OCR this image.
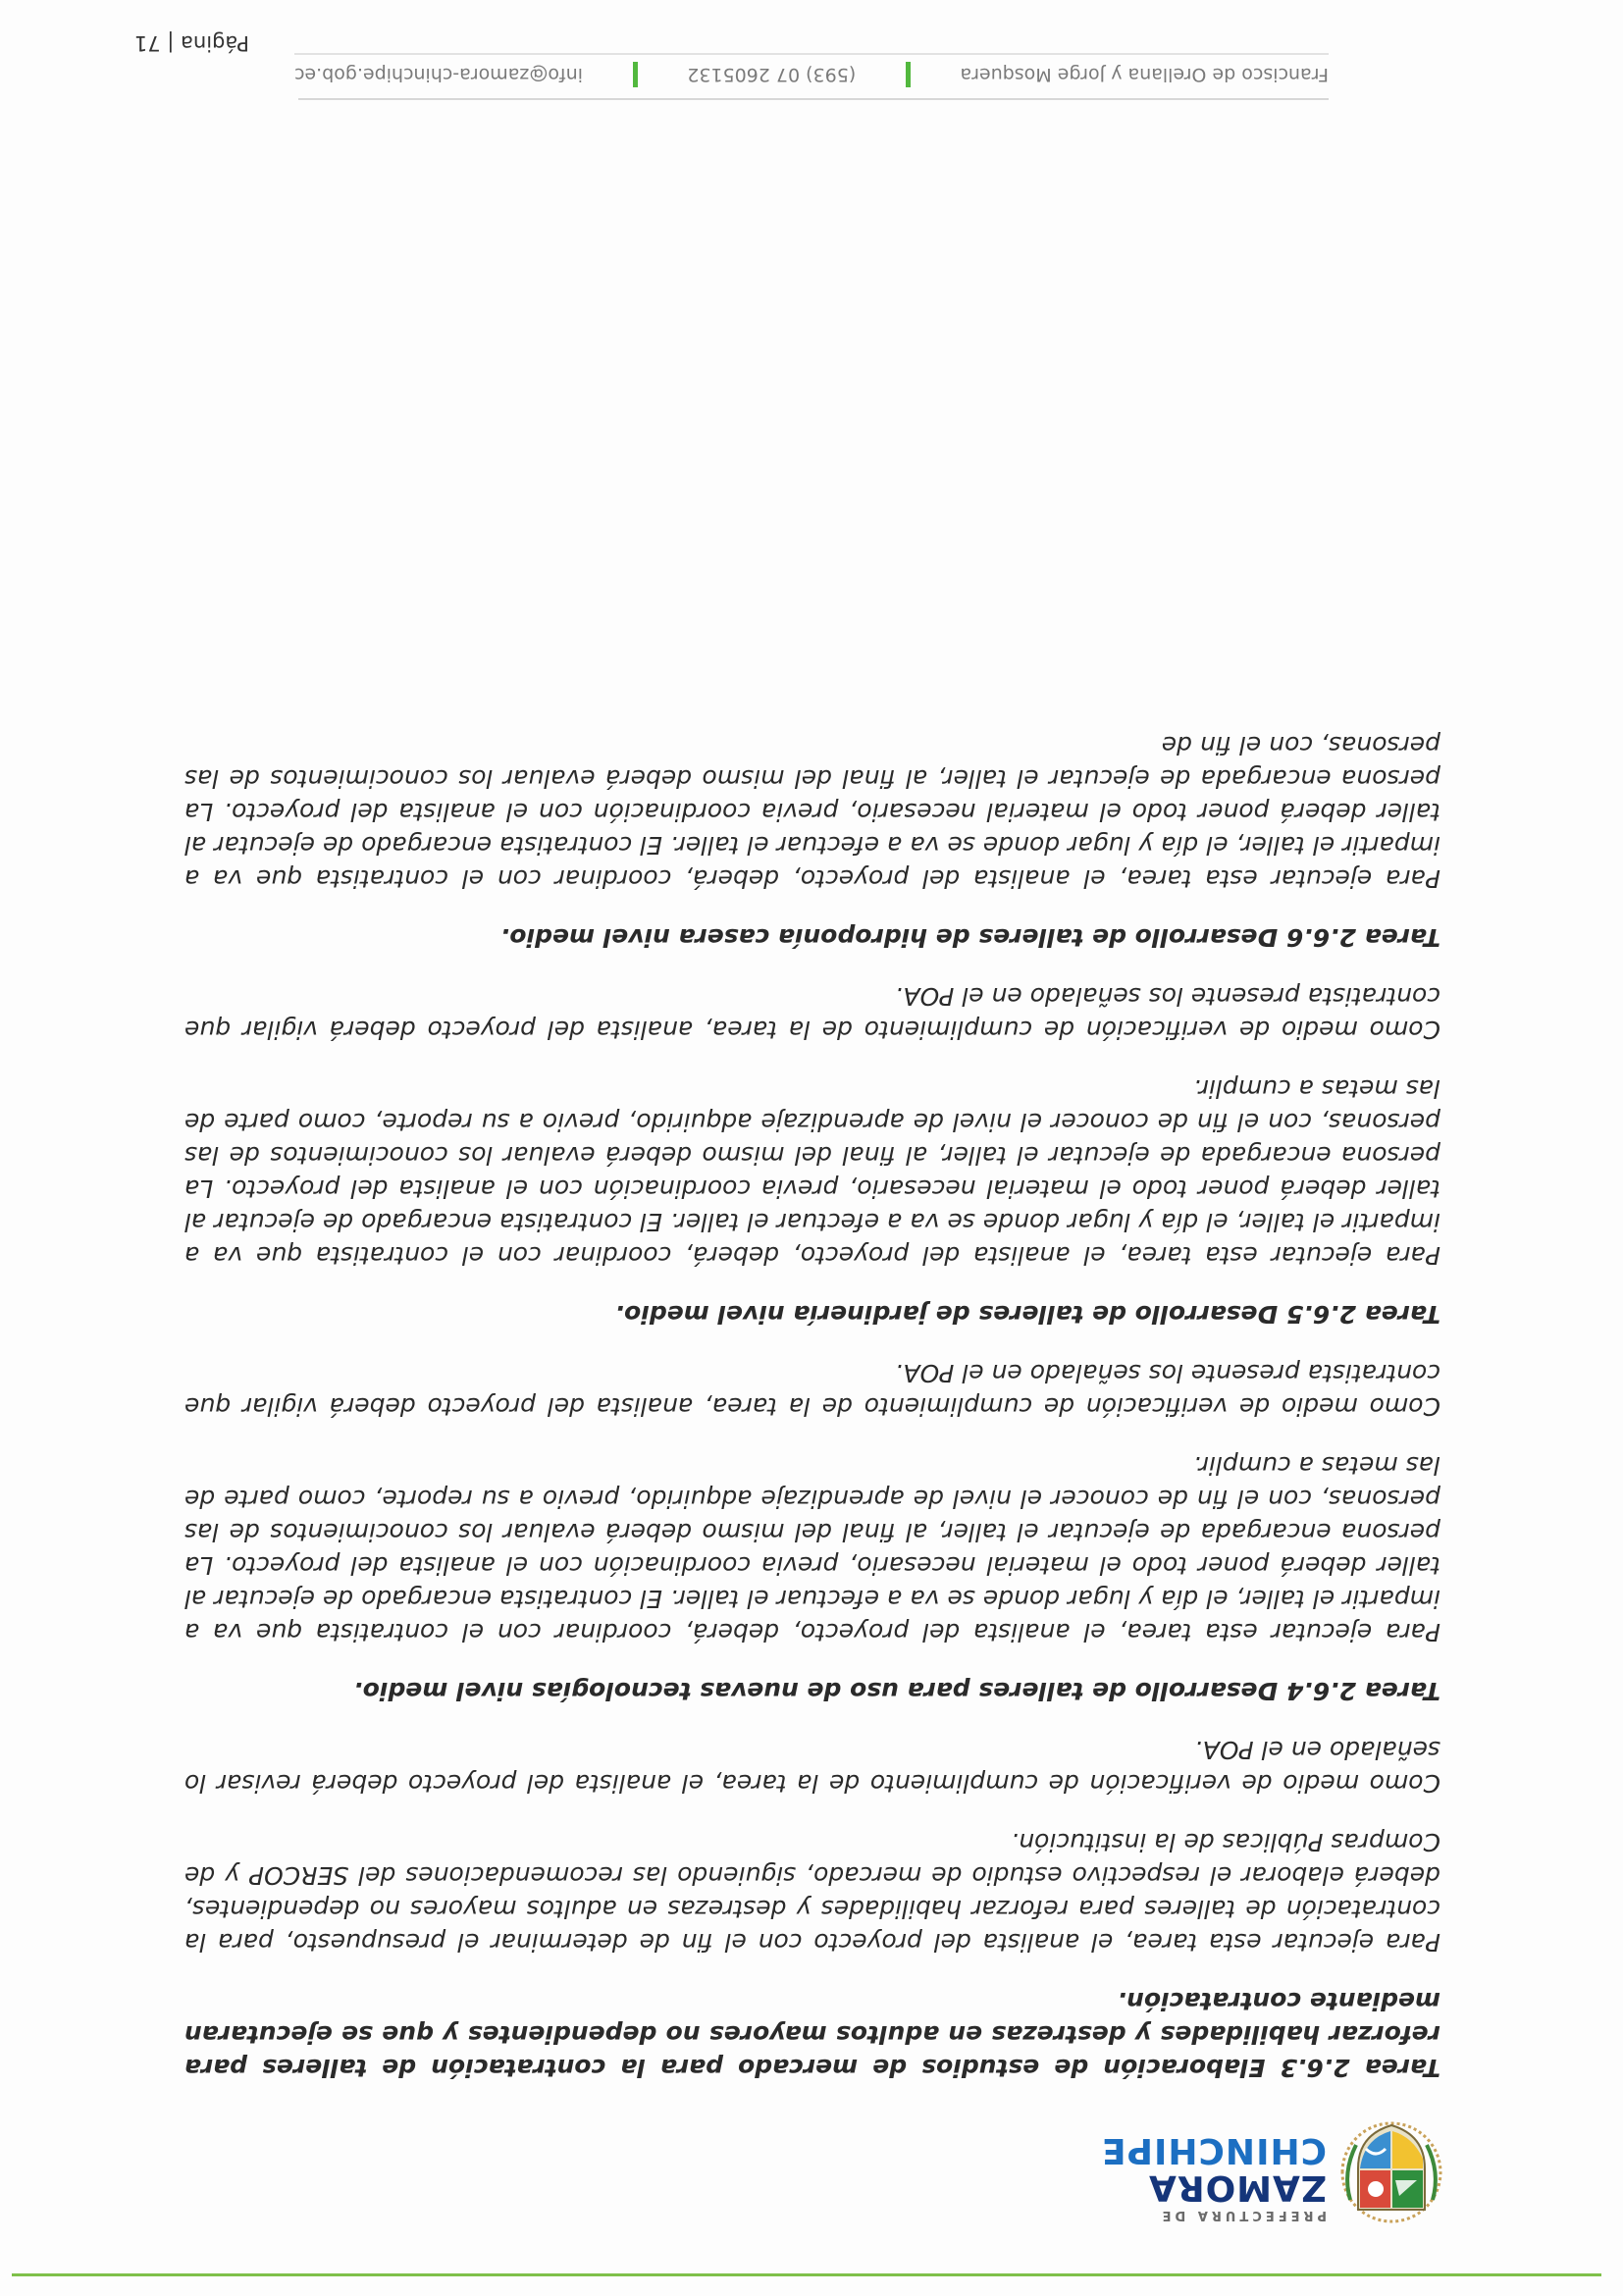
PREFECTURA DE
ZAMORA
CHINCHIPE

Tarea 2.6.3 Elaboración de estudios de mercado para la contratación de talleres para reforzar habilidades y destrezas en adultos mayores no dependientes y que se ejecutaran mediante contratación.

Para ejecutar esta tarea, el analista del proyecto con el fin de determinar el presupuesto, para la contratación de talleres para reforzar habilidades y destrezas en adultos mayores no dependientes, deberá elaborar el respectivo estudio de mercado, siguiendo las recomendaciones del SERCOP y de Compras Públicas de la institución.

Como medio de verificación de cumplimiento de la tarea, el analista del proyecto deberá revisar lo señalado en el POA.

Tarea 2.6.4 Desarrollo de talleres para uso de nuevas tecnologías nivel medio.

Para ejecutar esta tarea, el analista del proyecto, deberá, coordinar con el contratista que va a impartir el taller, el día y lugar donde se va a efectuar el taller. El contratista encargado de ejecutar al taller deberá poner todo el material necesario, previa coordinación con el analista del proyecto. La persona encargada de ejecutar el taller, al final del mismo deberá evaluar los conocimientos de las personas, con el fin de conocer el nivel de aprendizaje adquirido, previo a su reporte, como parte de las metas a cumplir.

Como medio de verificación de cumplimiento de la tarea, analista del proyecto deberá vigilar que contratista presente los señalado en el POA.

Tarea 2.6.5 Desarrollo de talleres de jardinería nivel medio.

Para ejecutar esta tarea, el analista del proyecto, deberá, coordinar con el contratista que va a impartir el taller, el día y lugar donde se va a efectuar el taller. El contratista encargado de ejecutar al taller deberá poner todo el material necesario, previa coordinación con el analista del proyecto. La persona encargada de ejecutar el taller, al final del mismo deberá evaluar los conocimientos de las personas, con el fin de conocer el nivel de aprendizaje adquirido, previo a su reporte, como parte de las metas a cumplir.

Como medio de verificación de cumplimiento de la tarea, analista del proyecto deberá vigilar que contratista presente los señalado en el POA.

Tarea 2.6.6 Desarrollo de talleres de hidroponía casera nivel medio.

Para ejecutar esta tarea, el analista del proyecto, deberá, coordinar con el contratista que va a impartir el taller, el día y lugar donde se va a efectuar el taller. El contratista encargado de ejecutar al taller deberá poner todo el material necesario, previa coordinación con el analista del proyecto. La persona encargada de ejecutar el taller, al final del mismo deberá evaluar los conocimientos de las personas, con el fin de

Francisco de Orellana y Jorge Mosquera
(593) 07 2605132
info@zamora-chinchipe.gob.ec
Página | 71
